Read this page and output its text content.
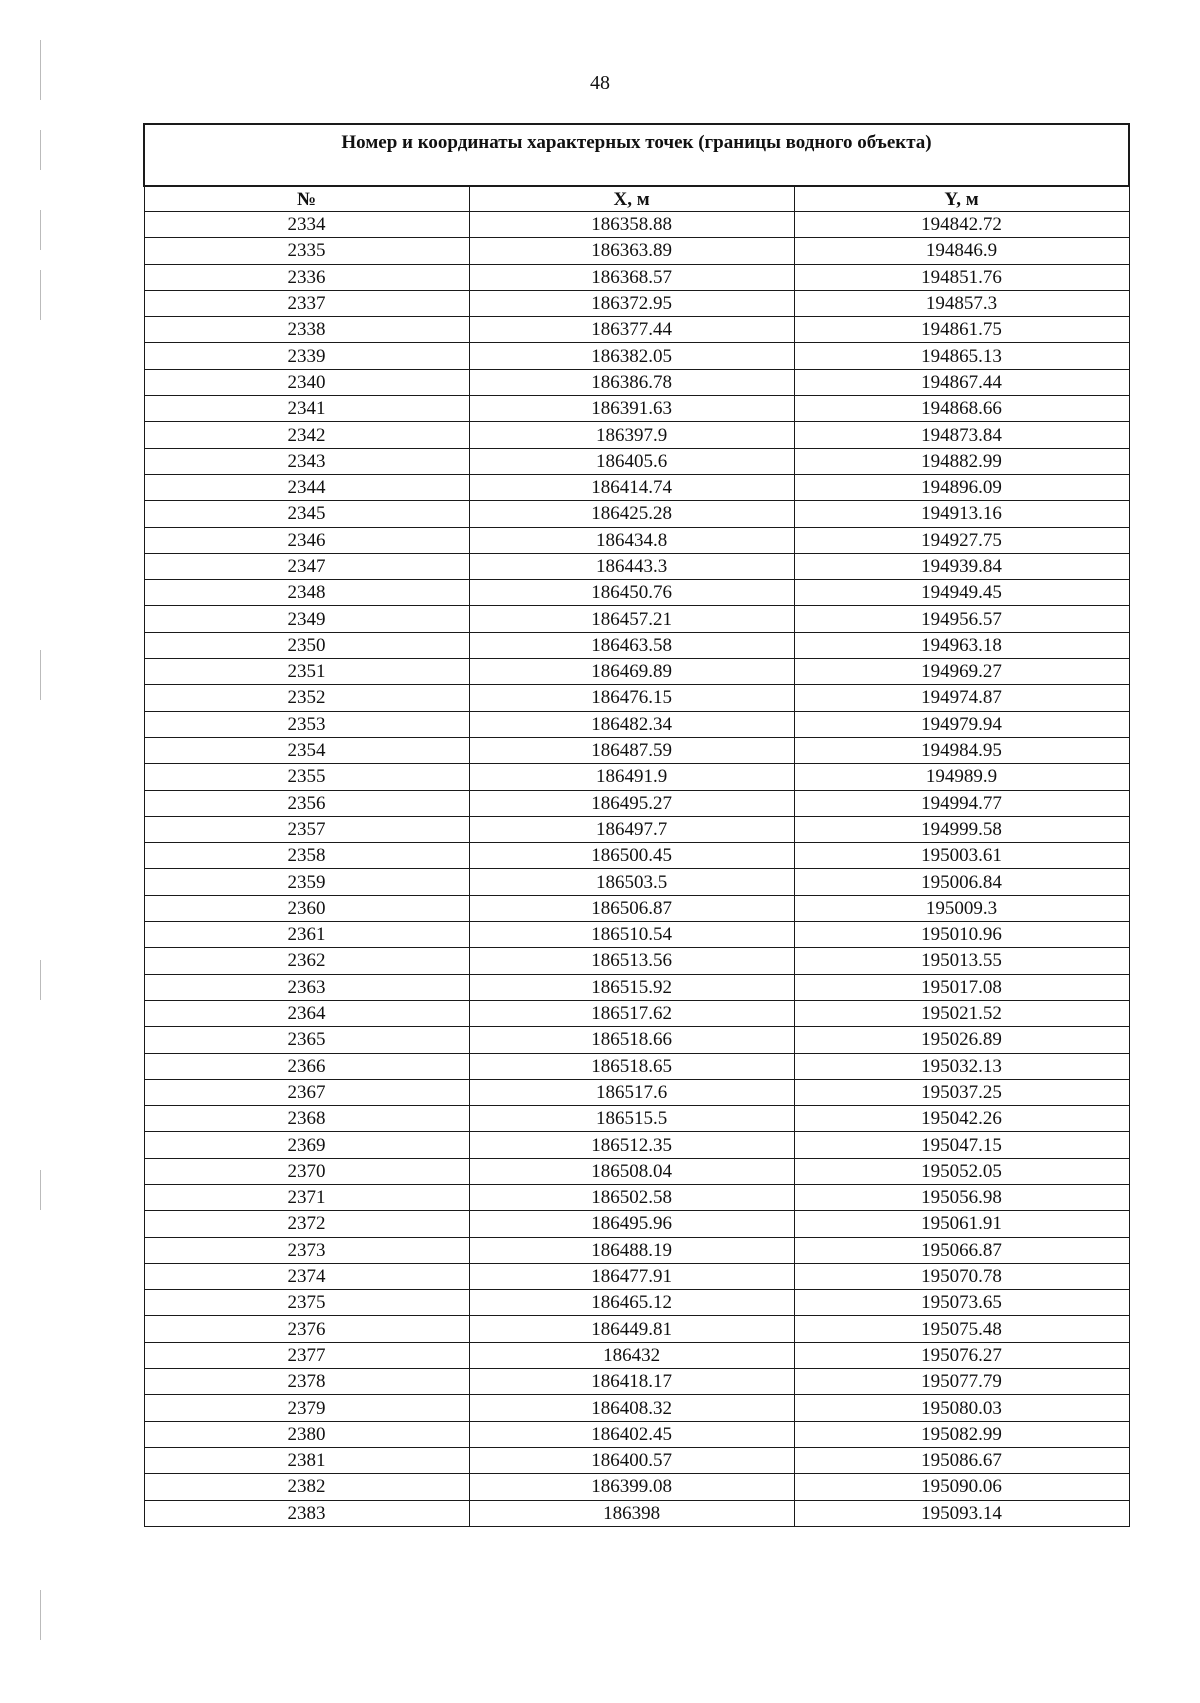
48
Номер и координаты характерных точек (границы водного объекта)		
№	X, м	Y, м
2334	186358.88	194842.72
2335	186363.89	194846.9
2336	186368.57	194851.76
2337	186372.95	194857.3
2338	186377.44	194861.75
2339	186382.05	194865.13
2340	186386.78	194867.44
2341	186391.63	194868.66
2342	186397.9	194873.84
2343	186405.6	194882.99
2344	186414.74	194896.09
2345	186425.28	194913.16
2346	186434.8	194927.75
2347	186443.3	194939.84
2348	186450.76	194949.45
2349	186457.21	194956.57
2350	186463.58	194963.18
2351	186469.89	194969.27
2352	186476.15	194974.87
2353	186482.34	194979.94
2354	186487.59	194984.95
2355	186491.9	194989.9
2356	186495.27	194994.77
2357	186497.7	194999.58
2358	186500.45	195003.61
2359	186503.5	195006.84
2360	186506.87	195009.3
2361	186510.54	195010.96
2362	186513.56	195013.55
2363	186515.92	195017.08
2364	186517.62	195021.52
2365	186518.66	195026.89
2366	186518.65	195032.13
2367	186517.6	195037.25
2368	186515.5	195042.26
2369	186512.35	195047.15
2370	186508.04	195052.05
2371	186502.58	195056.98
2372	186495.96	195061.91
2373	186488.19	195066.87
2374	186477.91	195070.78
2375	186465.12	195073.65
2376	186449.81	195075.48
2377	186432	195076.27
2378	186418.17	195077.79
2379	186408.32	195080.03
2380	186402.45	195082.99
2381	186400.57	195086.67
2382	186399.08	195090.06
2383	186398	195093.14
